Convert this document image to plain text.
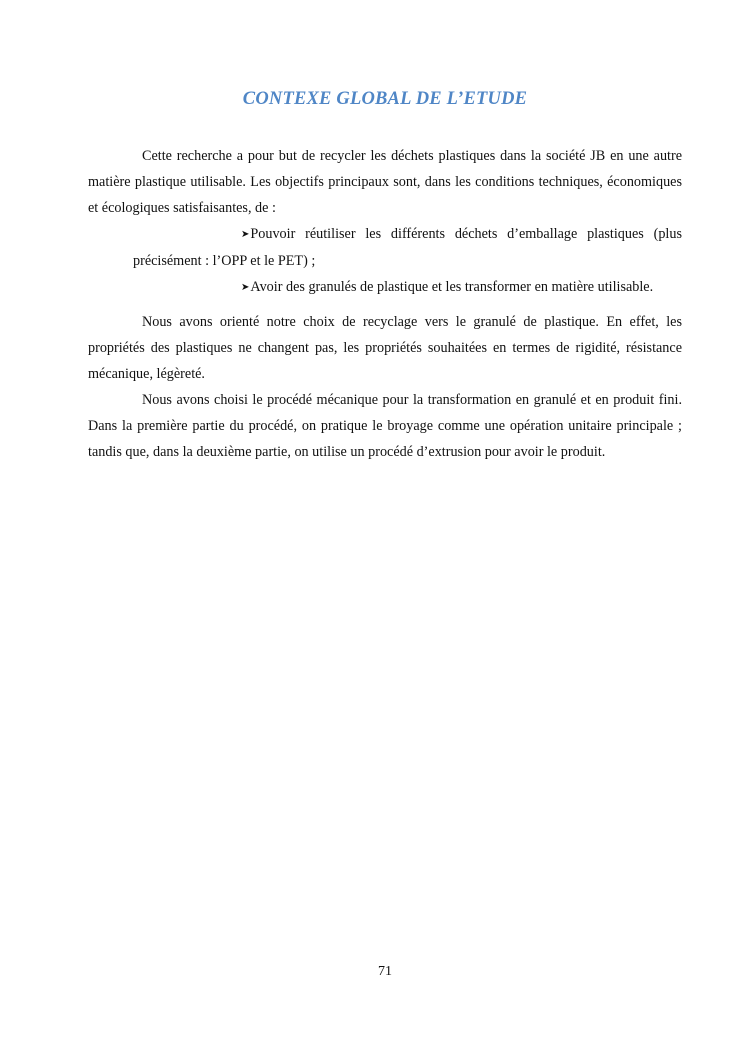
CONTEXE GLOBAL DE L’ETUDE

Cette recherche a pour but de recycler les déchets plastiques dans la société JB en une autre matière plastique utilisable. Les objectifs principaux sont, dans les conditions techniques, économiques et écologiques satisfaisantes, de :

➤Pouvoir réutiliser les différents déchets d’emballage plastiques (plus précisément : l’OPP et le PET) ;

➤Avoir des granulés de plastique et les transformer en matière utilisable.

Nous avons orienté notre choix de recyclage vers le granulé de plastique. En effet, les propriétés des plastiques ne changent pas, les propriétés souhaitées en termes de rigidité, résistance mécanique, légèreté.

Nous avons choisi le procédé mécanique pour la transformation en granulé et en produit fini. Dans la première partie du procédé, on pratique le broyage comme une opération unitaire principale ; tandis que, dans la deuxième partie, on utilise un procédé d’extrusion pour avoir le produit.

71
